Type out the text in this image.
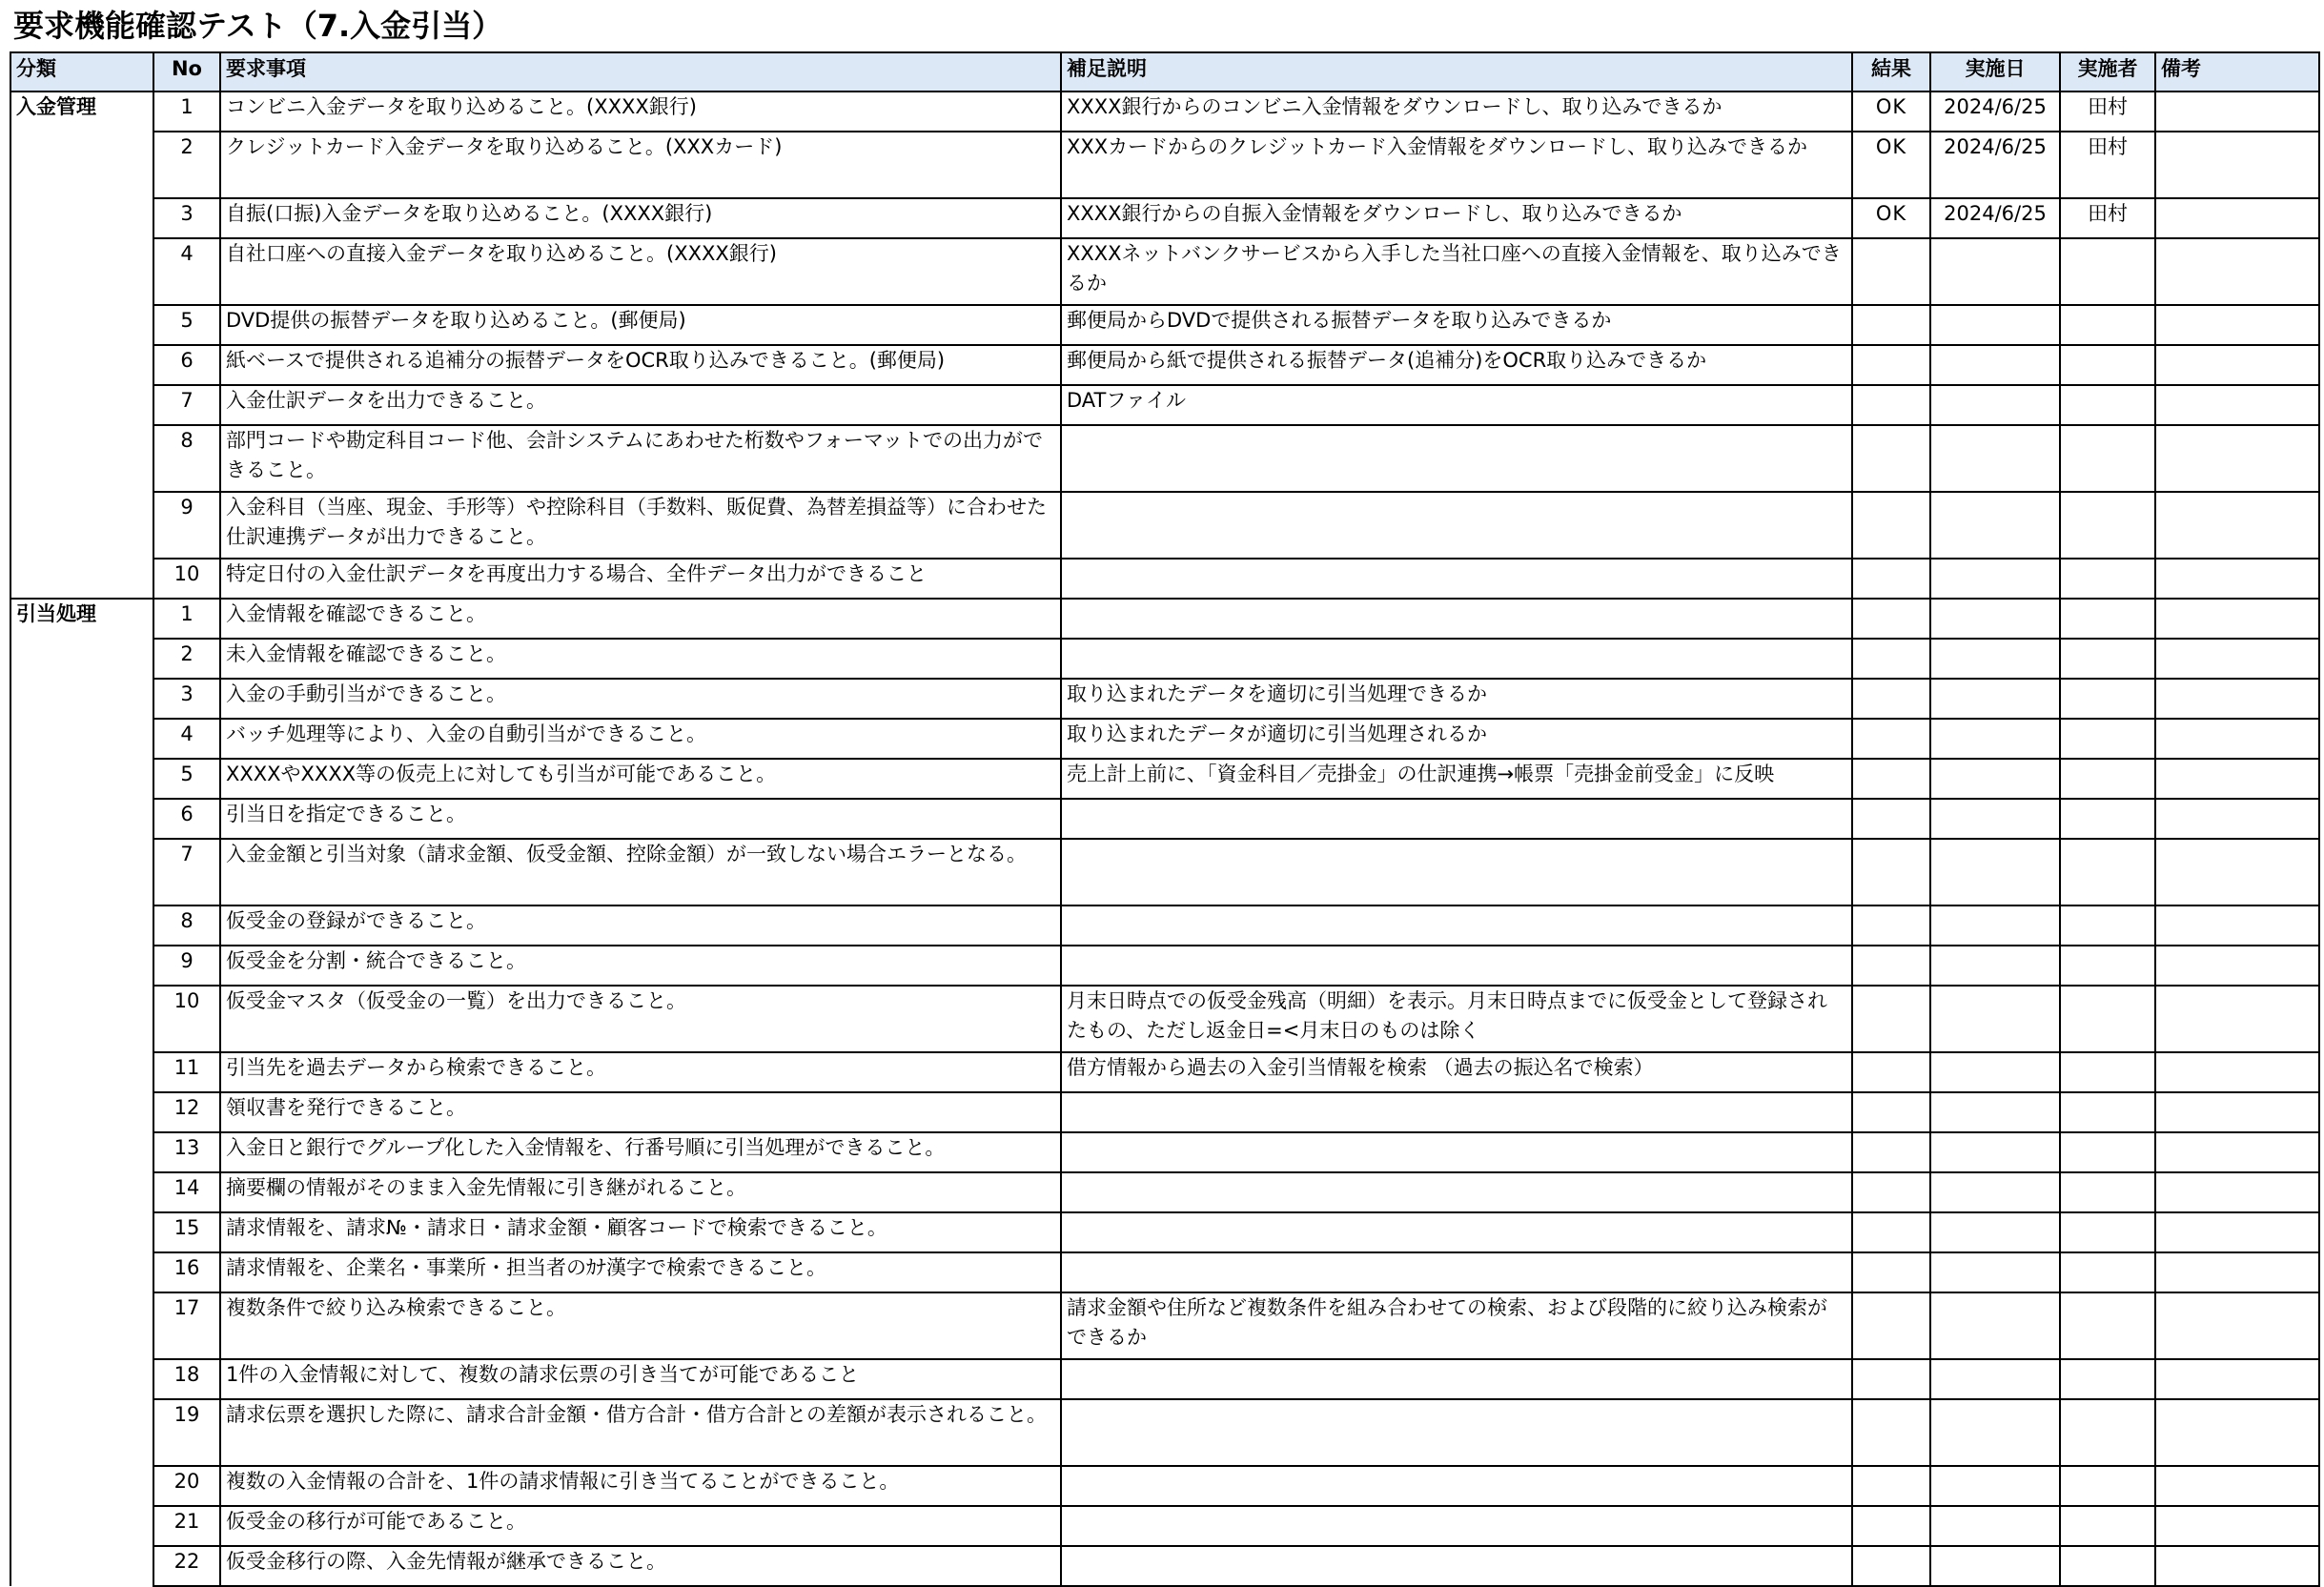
要求機能確認テスト（7.入金引当）
分類	No	要求事項	補足説明	結果	実施日	実施者	備考
入金管理	1	コンビニ入金データを取り込めること。(XXXX銀行)	XXXX銀行からのコンビニ入金情報をダウンロードし、取り込みできるか	OK	2024/6/25	田村	
	2	クレジットカード入金データを取り込めること。(XXXカード)	XXXカードからのクレジットカード入金情報をダウンロードし、取り込みできるか	OK	2024/6/25	田村	
	3	自振(口振)入金データを取り込めること。(XXXX銀行)	XXXX銀行からの自振入金情報をダウンロードし、取り込みできるか	OK	2024/6/25	田村	
	4	自社口座への直接入金データを取り込めること。(XXXX銀行)	XXXXネットバンクサービスから入手した当社口座への直接入金情報を、取り込みできるか				
	5	DVD提供の振替データを取り込めること。(郵便局)	郵便局からDVDで提供される振替データを取り込みできるか				
	6	紙ベースで提供される追補分の振替データをOCR取り込みできること。(郵便局)	郵便局から紙で提供される振替データ(追補分)をOCR取り込みできるか				
	7	入金仕訳データを出力できること。	DATファイル				
	8	部門コードや勘定科目コード他、会計システムにあわせた桁数やフォーマットでの出力ができること。					
	9	入金科目（当座、現金、手形等）や控除科目（手数料、販促費、為替差損益等）に合わせた仕訳連携データが出力できること。					
	10	特定日付の入金仕訳データを再度出力する場合、全件データ出力ができること					
引当処理	1	入金情報を確認できること。					
	2	未入金情報を確認できること。					
	3	入金の手動引当ができること。	取り込まれたデータを適切に引当処理できるか				
	4	バッチ処理等により、入金の自動引当ができること。	取り込まれたデータが適切に引当処理されるか				
	5	XXXXやXXXX等の仮売上に対しても引当が可能であること。	売上計上前に、「資金科目／売掛金」の仕訳連携→帳票「売掛金前受金」に反映				
	6	引当日を指定できること。					
	7	入金金額と引当対象（請求金額、仮受金額、控除金額）が一致しない場合エラーとなる。					
	8	仮受金の登録ができること。					
	9	仮受金を分割・統合できること。					
	10	仮受金マスタ（仮受金の一覧）を出力できること。	月末日時点での仮受金残高（明細）を表示。月末日時点までに仮受金として登録されたもの、ただし返金日=<月末日のものは除く				
	11	引当先を過去データから検索できること。	借方情報から過去の入金引当情報を検索 （過去の振込名で検索）				
	12	領収書を発行できること。					
	13	入金日と銀行でグループ化した入金情報を、行番号順に引当処理ができること。					
	14	摘要欄の情報がそのまま入金先情報に引き継がれること。					
	15	請求情報を、請求№・請求日・請求金額・顧客コードで検索できること。					
	16	請求情報を、企業名・事業所・担当者のｶﾅ漢字で検索できること。					
	17	複数条件で絞り込み検索できること。	請求金額や住所など複数条件を組み合わせての検索、および段階的に絞り込み検索ができるか				
	18	1件の入金情報に対して、複数の請求伝票の引き当てが可能であること					
	19	請求伝票を選択した際に、請求合計金額・借方合計・借方合計との差額が表示されること。					
	20	複数の入金情報の合計を、1件の請求情報に引き当てることができること。					
	21	仮受金の移行が可能であること。					
	22	仮受金移行の際、入金先情報が継承できること。					
